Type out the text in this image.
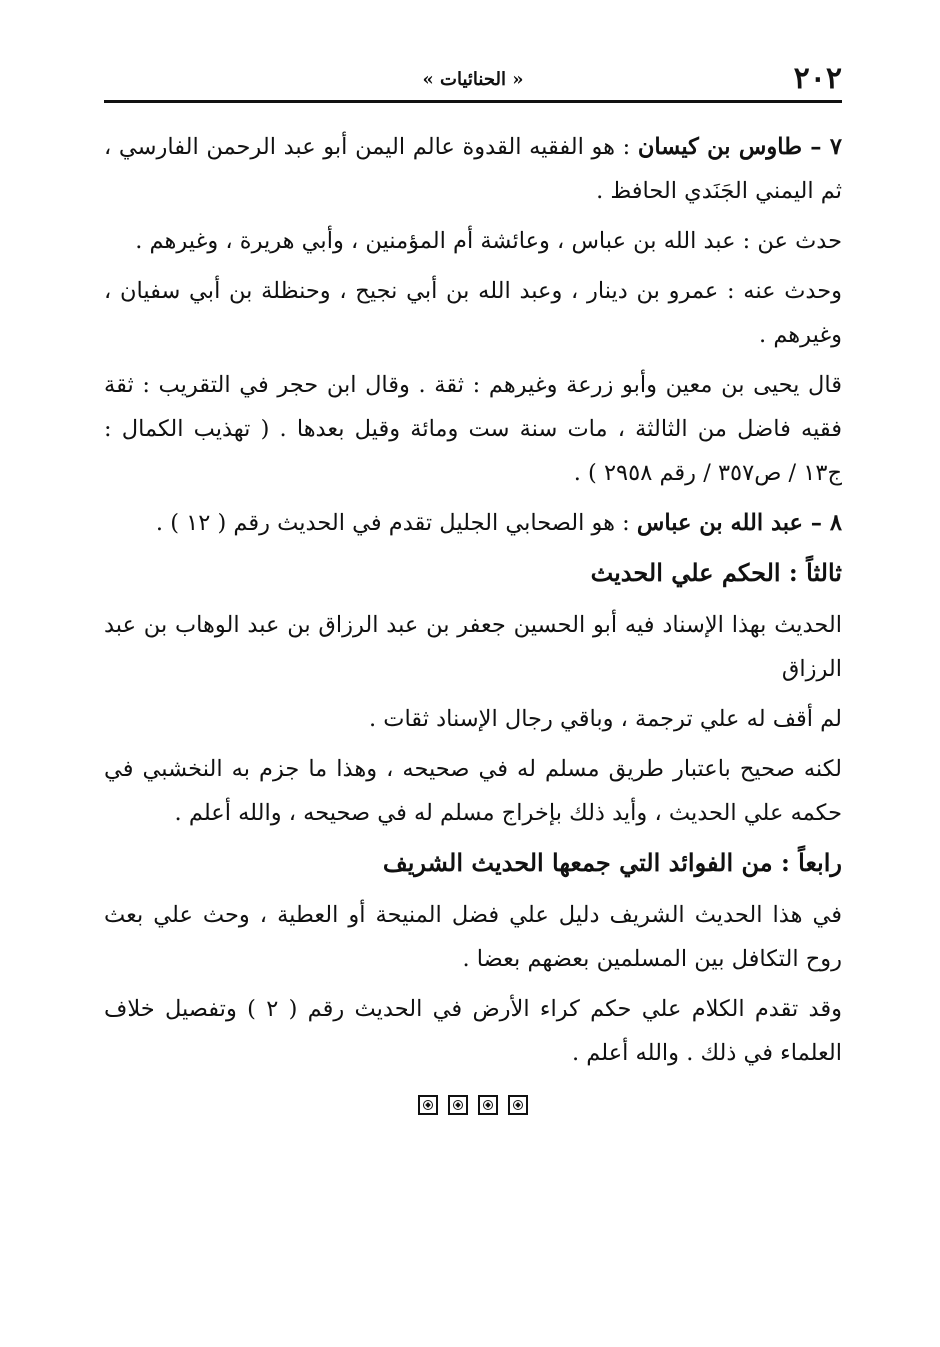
٢٠٢
« الحنائيات »

٧ – طاوس بن كيسان : هو الفقيه القدوة عالم اليمن أبو عبد الرحمن الفارسي ، ثم اليمني الجَنَدي الحافظ .

حدث عن : عبد الله بن عباس ، وعائشة أم المؤمنين ، وأبي هريرة ، وغيرهم .

وحدث عنه : عمرو بن دينار ، وعبد الله بن أبي نجيح ، وحنظلة بن أبي سفيان ، وغيرهم .

قال يحيى بن معين وأبو زرعة وغيرهم : ثقة . وقال ابن حجر في التقريب : ثقة فقيه فاضل من الثالثة ، مات سنة ست ومائة وقيل بعدها . ( تهذيب الكمال : ج١٣ / ص٣٥٧ / رقم ٢٩٥٨ ) .

٨ – عبد الله بن عباس : هو الصحابي الجليل تقدم في الحديث رقم ( ١٢ ) .

ثالثاً : الحكم علي الحديث

الحديث بهذا الإسناد فيه أبو الحسين جعفر بن عبد الرزاق بن عبد الوهاب بن عبد الرزاق

لم أقف له علي ترجمة ، وباقي رجال الإسناد ثقات .

لكنه صحيح باعتبار طريق مسلم له في صحيحه ، وهذا ما جزم به النخشبي في حكمه علي الحديث ، وأيد ذلك بإخراج مسلم له في صحيحه ، والله أعلم .

رابعاً : من الفوائد التي جمعها الحديث الشريف

في هذا الحديث الشريف دليل علي فضل المنيحة أو العطية ، وحث علي بعث روح التكافل بين المسلمين بعضهم بعضا .

وقد تقدم الكلام علي حكم كراء الأرض في الحديث رقم ( ٢ ) وتفصيل خلاف العلماء في ذلك . والله أعلم .
